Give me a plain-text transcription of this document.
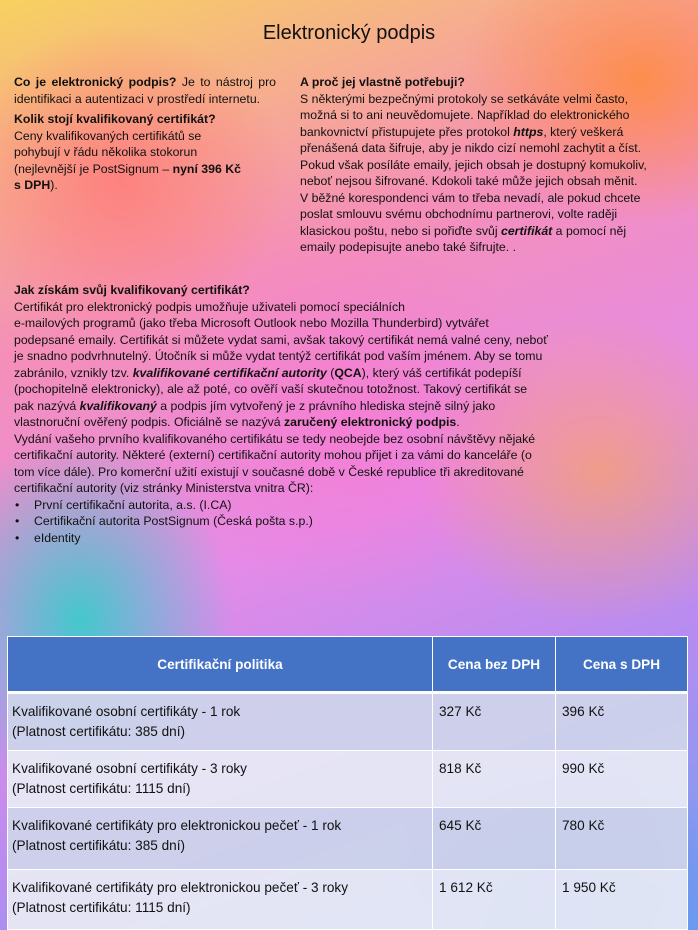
Elektronický podpis

Co je elektronický podpis? Je to nástroj pro identifikaci a autentizaci v prostředí internetu.

Kolik stojí kvalifikovaný certifikát?

Ceny kvalifikovaných certifikátů se

pohybují v řádu několika stokorun

(nejlevnější je PostSignum – nyní 396 Kč

s DPH).

A proč jej vlastně potřebuji?

S některými bezpečnými protokoly se setkáváte velmi často,

možná si to ani neuvědomujete. Například do elektronického

bankovnictví přistupujete přes protokol https, který veškerá

přenášená data šifruje, aby je nikdo cizí nemohl zachytit a číst.

Pokud však posíláte emaily, jejich obsah je dostupný komukoliv,

neboť nejsou šifrované. Kdokoli také může jejich obsah měnit.

V běžné korespondenci vám to třeba nevadí, ale pokud chcete

poslat smlouvu svému obchodnímu partnerovi, volte raději

klasickou poštu, nebo si pořiďte svůj certifikát a pomocí něj

emaily podepisujte anebo také šifrujte. .

Jak získám svůj kvalifikovaný certifikát?

Certifikát pro elektronický podpis umožňuje uživateli pomocí speciálních

e-mailových programů (jako třeba Microsoft Outlook nebo Mozilla Thunderbird) vytvářet

podepsané emaily. Certifikát si můžete vydat sami, avšak takový certifikát nemá valné ceny, neboť

je snadno podvrhnutelný. Útočník si může vydat tentýž certifikát pod vaším jménem. Aby se tomu

zabránilo, vznikly tzv. kvalifikované certifikační autority (QCA), který váš certifikát podepíší

(pochopitelně elektronicky), ale až poté, co ověří vaší skutečnou totožnost. Takový certifikát se

pak nazývá kvalifikovaný a podpis jím vytvořený je z právního hlediska stejně silný jako

vlastnoruční ověřený podpis. Oficiálně se nazývá zaručený elektronický podpis.

Vydání vašeho prvního kvalifikovaného certifikátu se tedy neobejde bez osobní návštěvy nějaké

certifikační autority. Některé (externí) certifikační autority mohou přijet i za vámi do kanceláře (o

tom více dále). Pro komerční užití existují v současné době v České republice tři akreditované

certifikační autority (viz stránky Ministerstva vnitra ČR):

• První certifikační autorita, a.s. (I.CA)
• Certifikační autorita PostSignum (Česká pošta s.p.)
• eIdentity
Certifikační politika	Cena bez DPH	Cena s DPH
Kvalifikované osobní certifikáty - 1 rok
(Platnost certifikátu: 385 dní)	327 Kč	396 Kč
Kvalifikované osobní certifikáty - 3 roky
(Platnost certifikátu: 1115 dní)	818 Kč	990 Kč
Kvalifikované certifikáty pro elektronickou pečeť - 1 rok
(Platnost certifikátu: 385 dní)	645 Kč	780 Kč
Kvalifikované certifikáty pro elektronickou pečeť - 3 roky
(Platnost certifikátu: 1115 dní)	1 612 Kč	1 950 Kč
